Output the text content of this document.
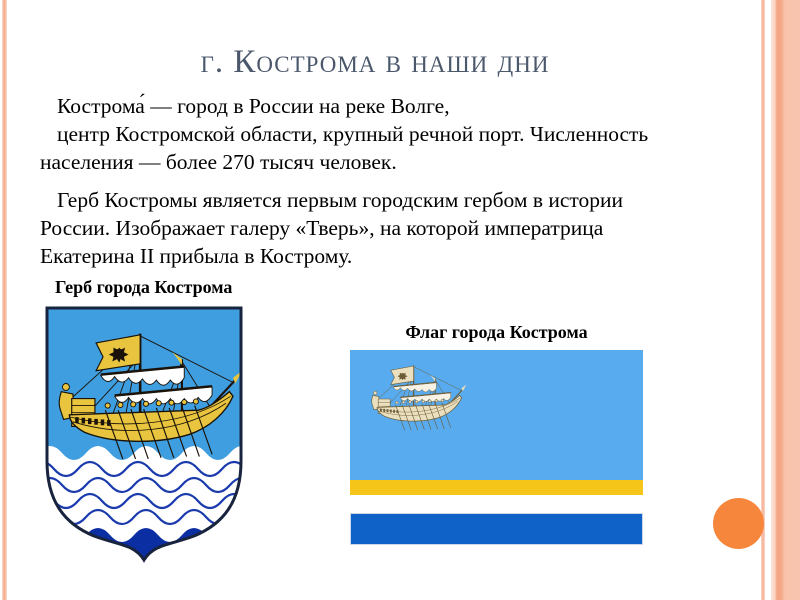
г. Кострома в наши дни
Кострома́ — город в России на реке Волге,
центр Костромской области, крупный речной порт. Численность
населения — более 270 тысяч человек.
Герб Костромы является первым городским гербом в истории
России. Изображает галеру «Тверь», на которой императрица
Екатерина II прибыла в Кострому.
Герб города Кострома
Флаг города Кострома
